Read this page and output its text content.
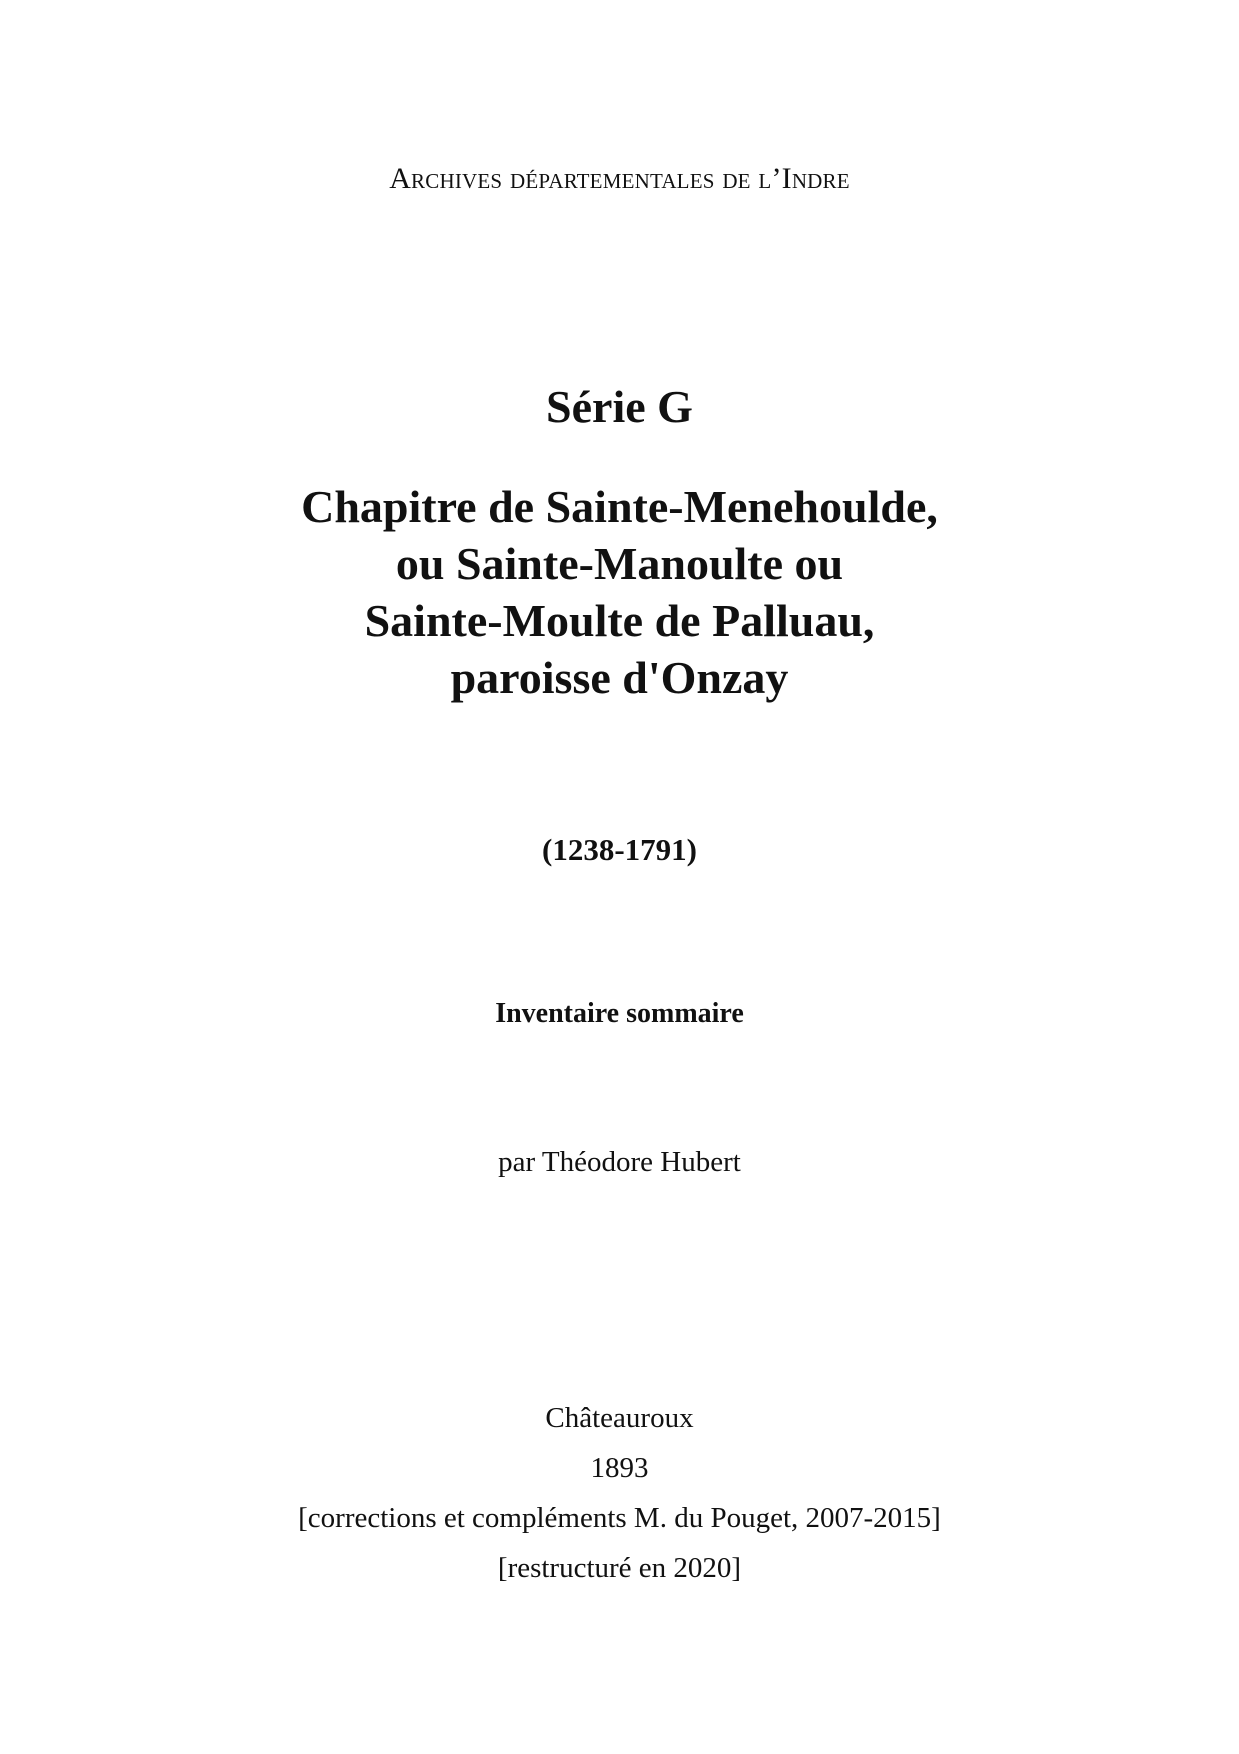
Archives départementales de l’Indre
Série G
Chapitre de Sainte-Menehoulde,
ou Sainte-Manoulte ou
Sainte-Moulte de Palluau,
paroisse d'Onzay
(1238-1791)
Inventaire sommaire
par Théodore Hubert
Châteauroux
1893
[corrections et compléments M. du Pouget, 2007-2015]
[restructuré en 2020]
